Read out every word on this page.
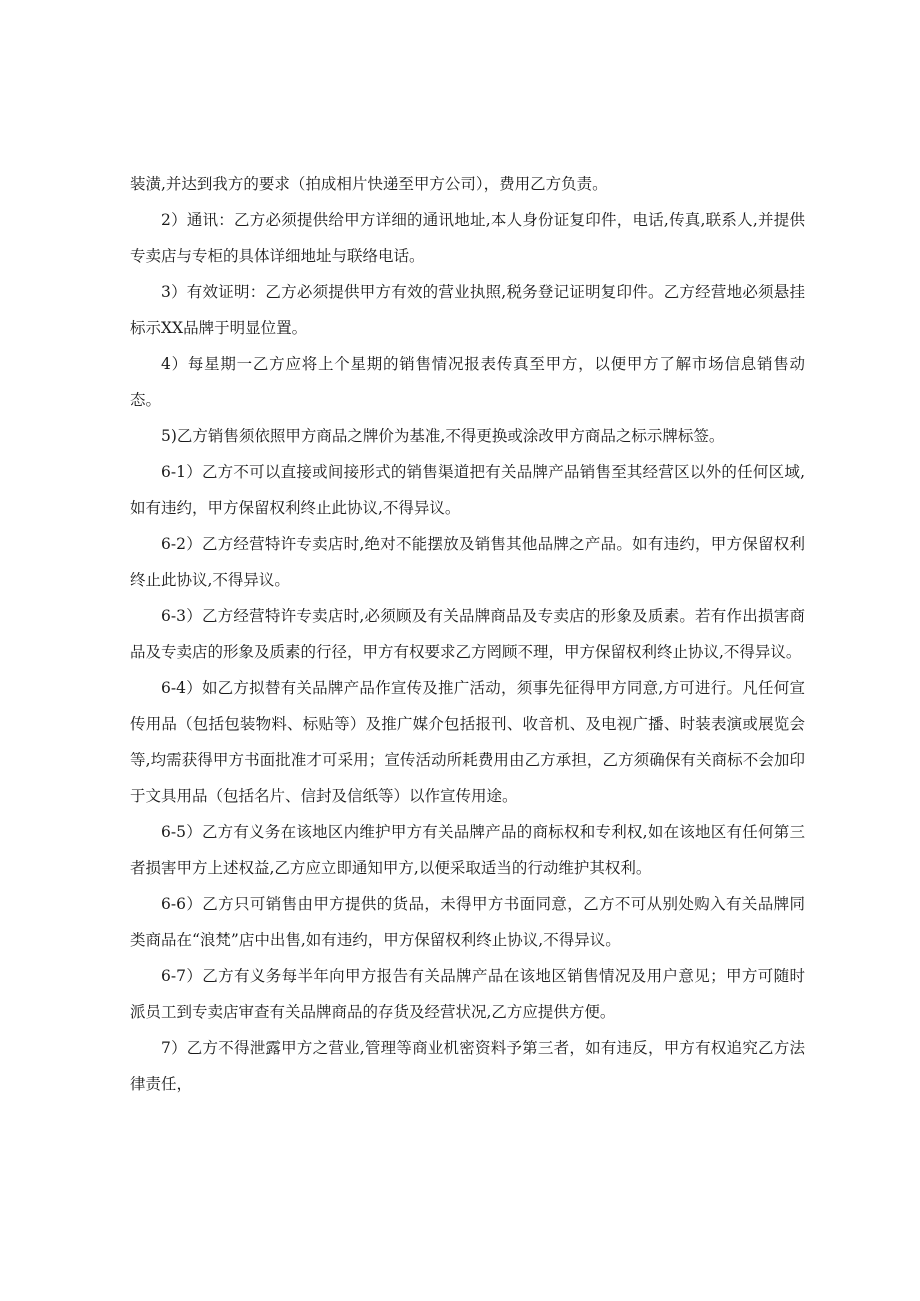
装潢,并达到我方的要求（拍成相片快递至甲方公司），费用乙方负责。

2）通讯：乙方必须提供给甲方详细的通讯地址,本人身份证复印件，电话,传真,联系人,并提供专卖店与专柜的具体详细地址与联络电话。

3）有效证明：乙方必须提供甲方有效的营业执照,税务登记证明复印件。乙方经营地必须悬挂标示XX品牌于明显位置。

4）每星期一乙方应将上个星期的销售情况报表传真至甲方，以便甲方了解市场信息销售动态。

5)乙方销售须依照甲方商品之牌价为基准,不得更换或涂改甲方商品之标示牌标签。

6-1）乙方不可以直接或间接形式的销售渠道把有关品牌产品销售至其经营区以外的任何区域,如有违约，甲方保留权利终止此协议,不得异议。

6-2）乙方经营特许专卖店时,绝对不能摆放及销售其他品牌之产品。如有违约，甲方保留权利终止此协议,不得异议。

6-3）乙方经营特许专卖店时,必须顾及有关品牌商品及专卖店的形象及质素。若有作出损害商品及专卖店的形象及质素的行径，甲方有权要求乙方罔顾不理，甲方保留权利终止协议,不得异议。

6-4）如乙方拟替有关品牌产品作宣传及推广活动，须事先征得甲方同意,方可进行。凡任何宣传用品（包括包装物料、标贴等）及推广媒介包括报刊、收音机、及电视广播、时装表演或展览会等,均需获得甲方书面批准才可采用；宣传活动所耗费用由乙方承担，乙方须确保有关商标不会加印于文具用品（包括名片、信封及信纸等）以作宣传用途。

6-5）乙方有义务在该地区内维护甲方有关品牌产品的商标权和专利权,如在该地区有任何第三者损害甲方上述权益,乙方应立即通知甲方,以便采取适当的行动维护其权利。

6-6）乙方只可销售由甲方提供的货品，未得甲方书面同意，乙方不可从别处购入有关品牌同类商品在“浪梵”店中出售,如有违约，甲方保留权利终止协议,不得异议。

6-7）乙方有义务每半年向甲方报告有关品牌产品在该地区销售情况及用户意见；甲方可随时派员工到专卖店审查有关品牌商品的存货及经营状况,乙方应提供方便。

7）乙方不得泄露甲方之营业,管理等商业机密资料予第三者，如有违反，甲方有权追究乙方法律责任，
